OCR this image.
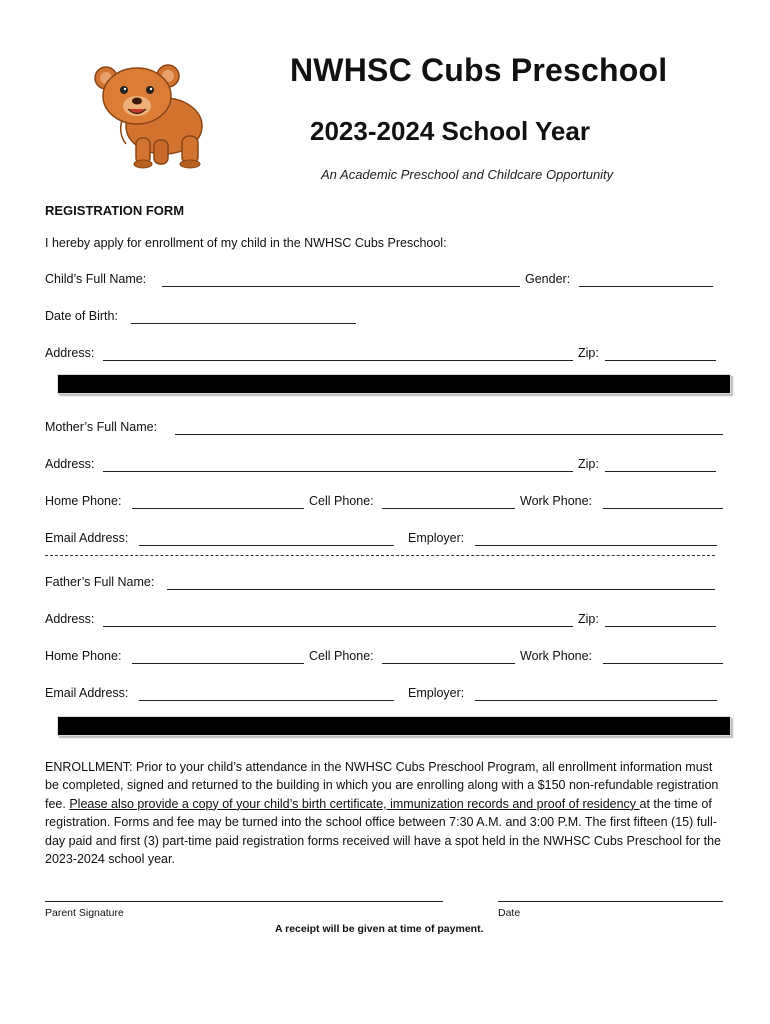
NWHSC Cubs Preschool
2023-2024 School Year
An Academic Preschool and Childcare Opportunity
REGISTRATION FORM
I hereby apply for enrollment of my child in the NWHSC Cubs Preschool:
Child’s Full Name:	Gender:
Date of Birth:
Address:	Zip:
Mother’s Full Name:
Address:	Zip:
Home Phone:	Cell Phone:	Work Phone:
Email Address:	Employer:
Father’s Full Name:
Address:	Zip:
Home Phone:	Cell Phone:	Work Phone:
Email Address:	Employer:
ENROLLMENT: Prior to your child’s attendance in the NWHSC Cubs Preschool Program, all enrollment information must be completed, signed and returned to the building in which you are enrolling along with a $150 non-refundable registration fee. Please also provide a copy of your child’s birth certificate, immunization records and proof of residency at the time of registration. Forms and fee may be turned into the school office between 7:30 A.M. and 3:00 P.M. The first fifteen (15) full-day paid and first (3) part-time paid registration forms received will have a spot held in the NWHSC Cubs Preschool for the 2023-2024 school year.
Parent Signature	Date
A receipt will be given at time of payment.
